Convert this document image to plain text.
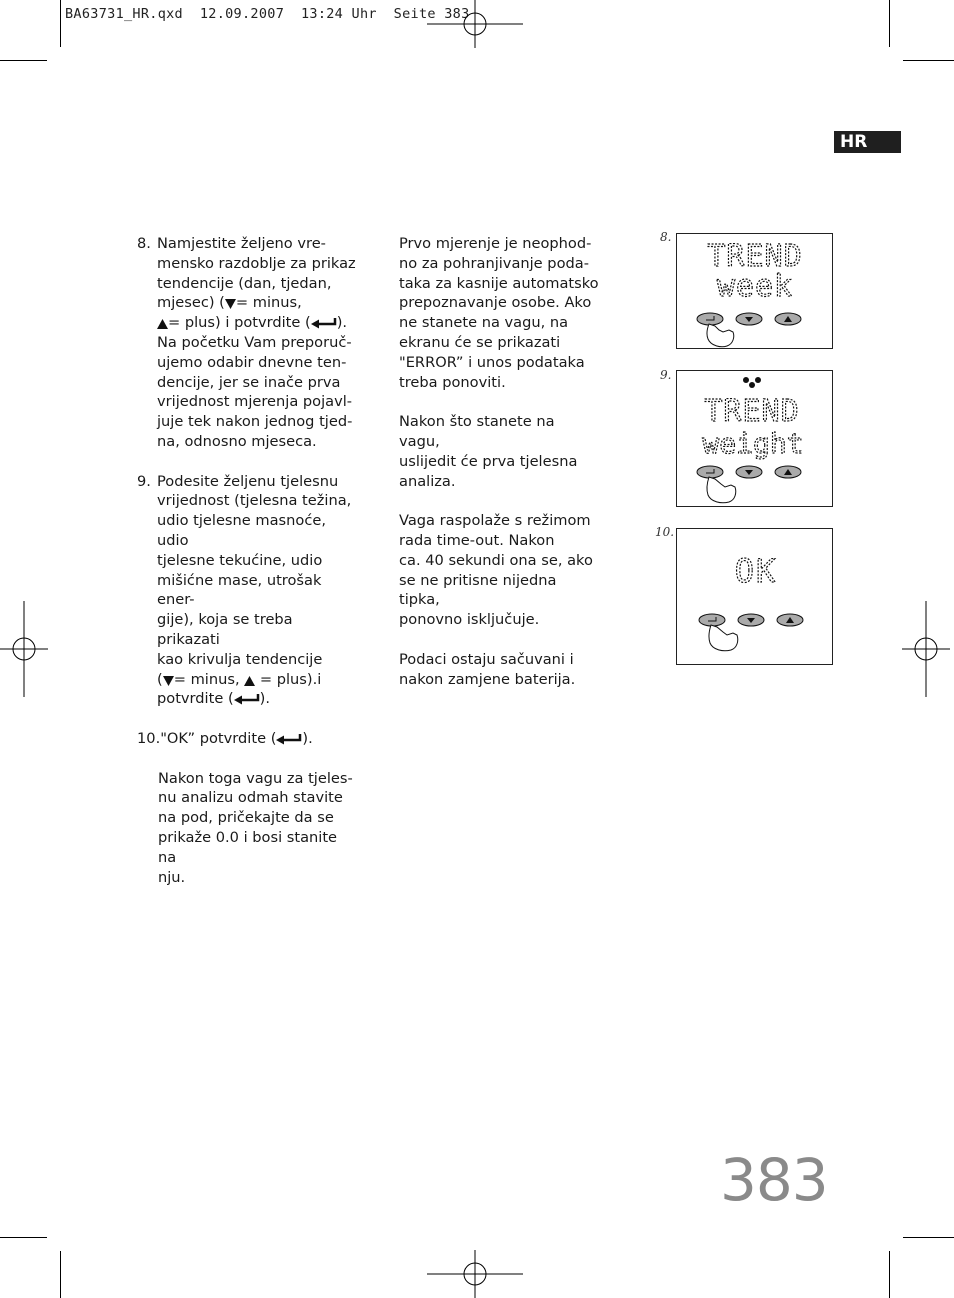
BA63731_HR.qxd  12.09.2007  13:24 Uhr  Seite 383
HR
8. Namjestite željeno vre-

mensko razdoblje za prikaz

tendencije (dan, tjedan,

mjesec) ( = minus,

= plus) i potvrdite ( ).

Na početku Vam preporuč-

ujemo odabir dnevne ten-

dencije, jer se inače prva

vrijednost mjerenja pojavl-

juje tek nakon jednog tjed-

na, odnosno mjeseca.

9. Podesite željenu tjelesnu

vrijednost (tjelesna težina,

udio tjelesne masnoće, udio

tjelesne tekućine, udio

mišićne mase, utrošak ener-

gije), koja se treba prikazati

kao krivulja tendencije

( = minus, = plus).i

potvrdite ( ).

10."OK” potvrdite ( ).

Nakon toga vagu za tjeles-

nu analizu odmah stavite

na pod, pričekajte da se

prikaže 0.0 i bosi stanite na

nju.

Prvo mjerenje je neophod-

no za pohranjivanje poda-

taka za kasnije automatsko

prepoznavanje osobe. Ako

ne stanete na vagu, na

ekranu će se prikazati

"ERROR” i unos podataka

treba ponoviti.

Nakon što stanete na vagu,

uslijedit će prva tjelesna

analiza.

Vaga raspolaže s režimom

rada time-out. Nakon

ca. 40 sekundi ona se, ako

se ne pritisne nijedna tipka,

ponovno isključuje.

Podaci ostaju sačuvani i

nakon zamjene baterija.

8.
TREND
week
9.
TREND
weight
10.
OK
383
